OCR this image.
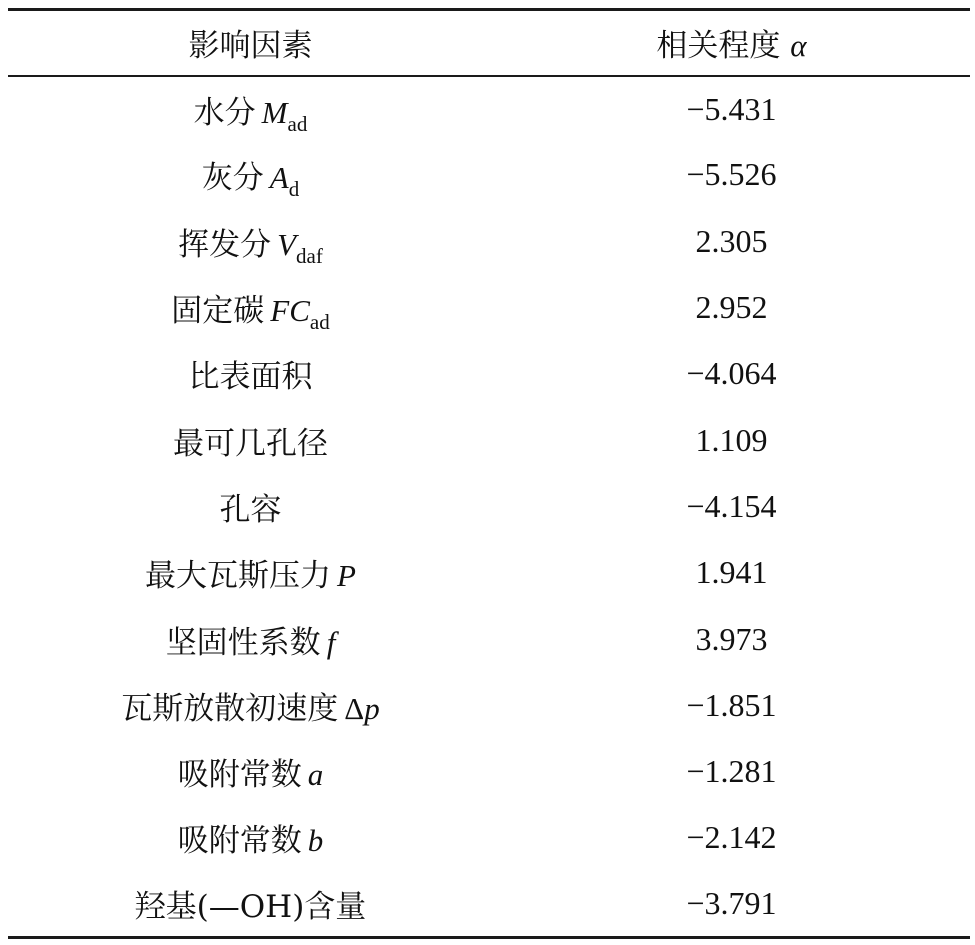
影响因素	相关程度 α
水分 $M_{ad}$	−5.431
灰分 $A_d$	−5.526
挥发分 $V_{daf}$	2.305
固定碳 $FC_{ad}$	2.952
比表面积	−4.064
最可几孔径	1.109
孔容	−4.154
最大瓦斯压力 P	1.941
坚固性系数 f	3.973
瓦斯放散初速度 Δp	−1.851
吸附常数 a	−1.281
吸附常数 b	−2.142
羟基(—OH)含量	−3.791
